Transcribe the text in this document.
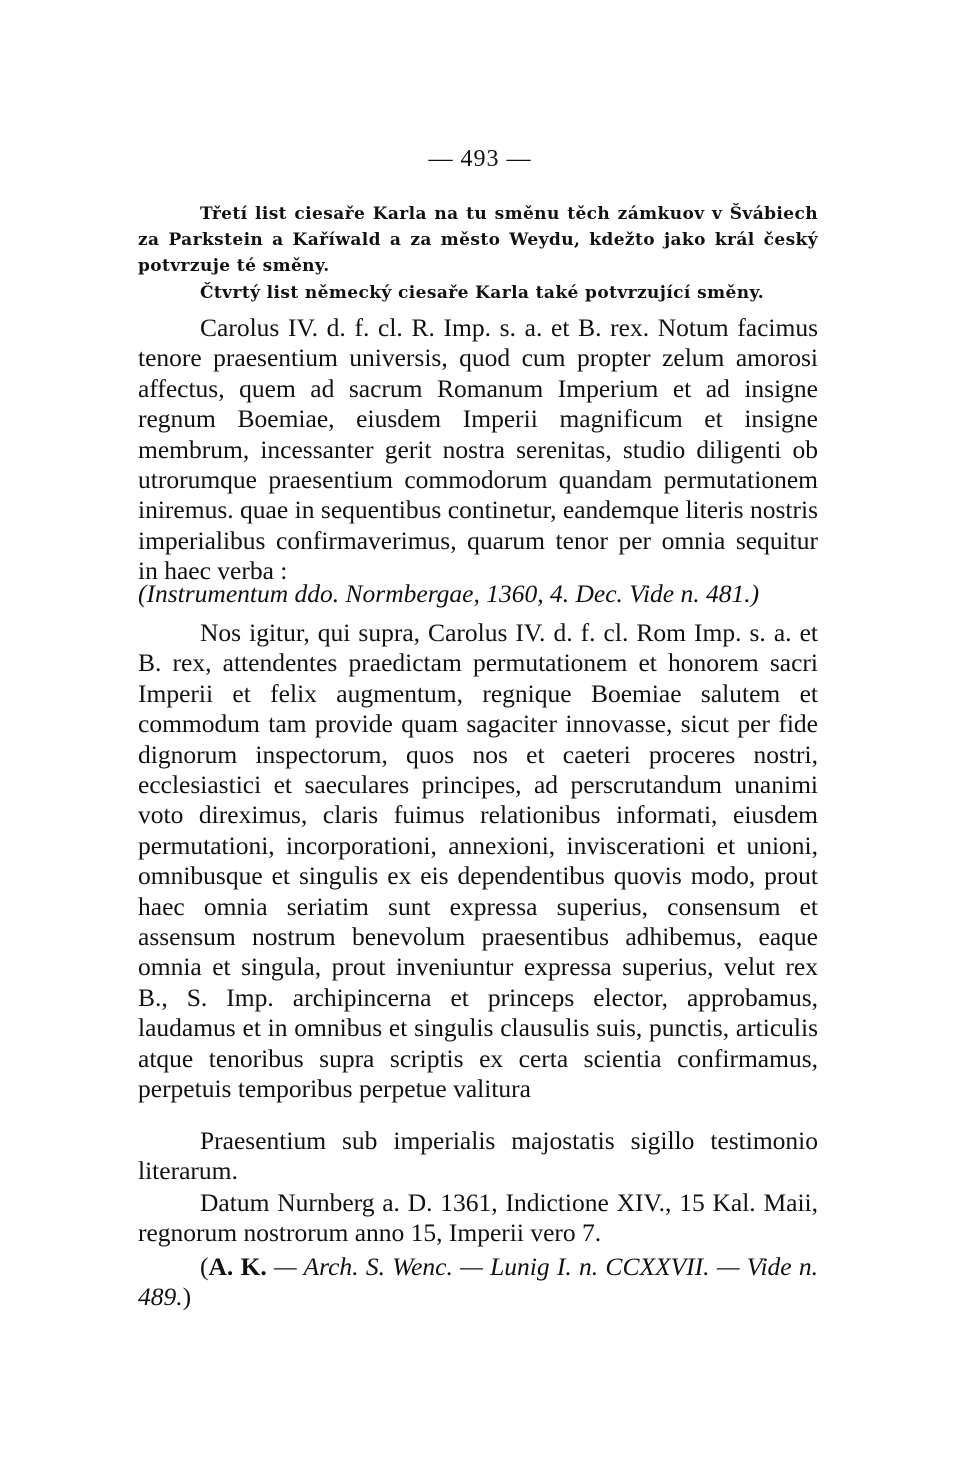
— 493 —

Třetí list ciesaře Karla na tu směnu těch zámkuov v Švábiech za Parkstein a Kaříwald a za město Weydu, kdežto jako král český potvrzuje té směny.

Čtvrtý list německý ciesaře Karla také potvrzující směny.

Carolus IV. d. f. cl. R. Imp. s. a. et B. rex. Notum facimus tenore praesentium universis, quod cum propter zelum amorosi affectus, quem ad sacrum Romanum Imperium et ad insigne regnum Boemiae, eiusdem Imperii magnificum et insigne membrum, incessanter gerit nostra serenitas, studio diligenti ob utrorumque praesentium commodorum quandam permutationem iniremus. quae in sequentibus continetur, eandemque literis nostris imperialibus confirmaverimus, quarum tenor per omnia sequitur in haec verba :

(Instrumentum ddo. Normbergae, 1360, 4. Dec. Vide n. 481.)

Nos igitur, qui supra, Carolus IV. d. f. cl. Rom Imp. s. a. et B. rex, attendentes praedictam permutationem et honorem sacri Imperii et felix augmentum, regnique Boemiae salutem et commodum tam provide quam sagaciter innovasse, sicut per fide dignorum inspectorum, quos nos et caeteri proceres nostri, ecclesiastici et saeculares principes, ad perscrutandum unanimi voto direximus, claris fuimus relationibus informati, eiusdem permutationi, incorporationi, annexioni, inviscerationi et unioni, omnibusque et singulis ex eis dependentibus quovis modo, prout haec omnia seriatim sunt expressa superius, consensum et assensum nostrum benevolum praesentibus adhibemus, eaque omnia et singula, prout inveniuntur expressa superius, velut rex B., S. Imp. archipincerna et princeps elector, approbamus, laudamus et in omnibus et singulis clausulis suis, punctis, articulis atque tenoribus supra scriptis ex certa scientia confirmamus, perpetuis temporibus perpetue valitura

Praesentium sub imperialis majostatis sigillo testimonio literarum.

Datum Nurnberg a. D. 1361, Indictione XIV., 15 Kal. Maii, regnorum nostrorum anno 15, Imperii vero 7.

(A. K. — Arch. S. Wenc. — Lunig I. n. CCXXVII. — Vide n. 489.)
